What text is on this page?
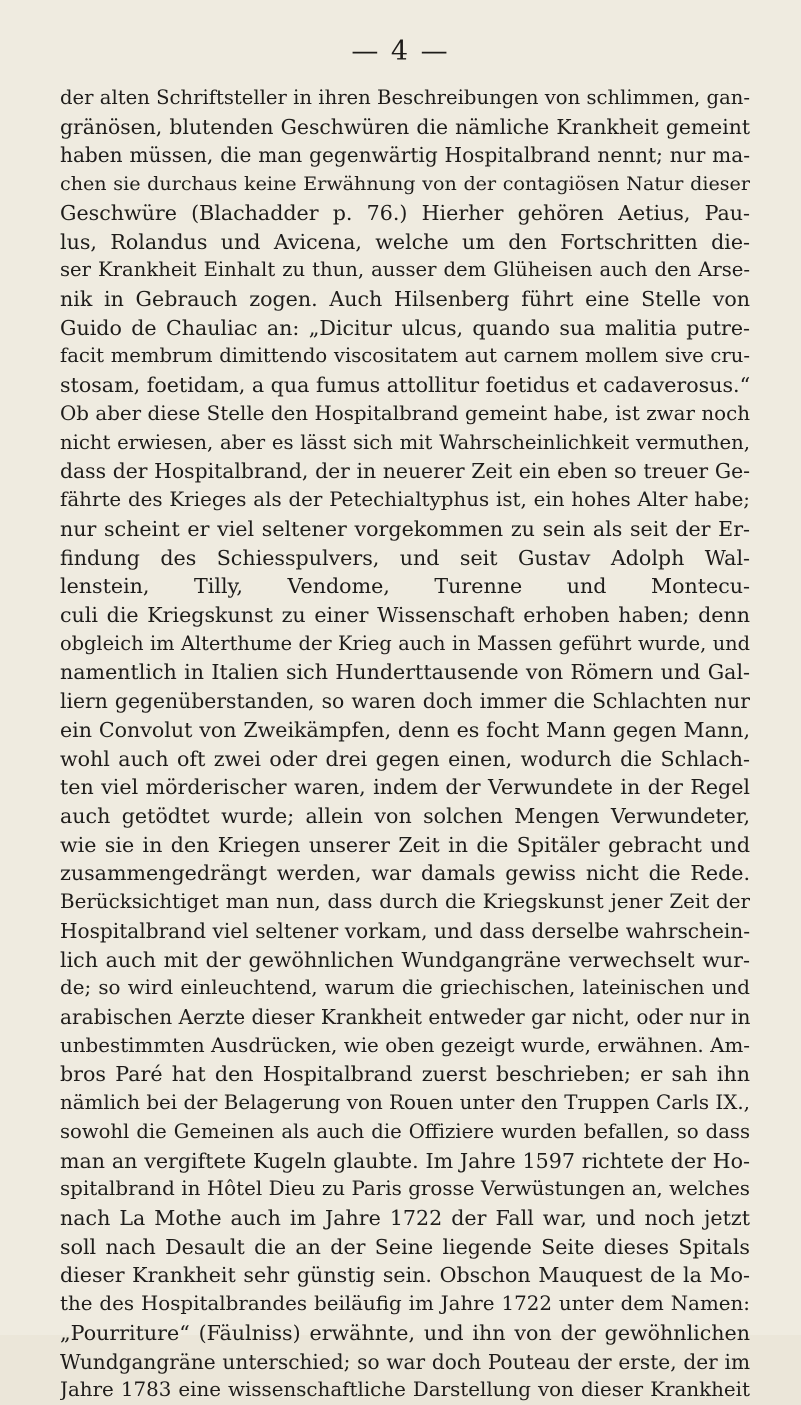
— 4 —
der alten Schriftsteller in ihren Beschreibungen von schlimmen, gan-
gränösen, blutenden Geschwüren die nämliche Krankheit gemeint
haben müssen, die man gegenwärtig Hospitalbrand nennt; nur ma-
chen sie durchaus keine Erwähnung von der contagiösen Natur dieser
Geschwüre (Blachadder p. 76.) Hierher gehören Aetius, Pau-
lus, Rolandus und Avicena, welche um den Fortschritten die-
ser Krankheit Einhalt zu thun, ausser dem Glüheisen auch den Arse-
nik in Gebrauch zogen. Auch Hilsenberg führt eine Stelle von
Guido de Chauliac an: „Dicitur ulcus, quando sua malitia putre-
facit membrum dimittendo viscositatem aut carnem mollem sive cru-
stosam, foetidam, a qua fumus attollitur foetidus et cadaverosus.“
Ob aber diese Stelle den Hospitalbrand gemeint habe, ist zwar noch
nicht erwiesen, aber es lässt sich mit Wahrscheinlichkeit vermuthen,
dass der Hospitalbrand, der in neuerer Zeit ein eben so treuer Ge-
fährte des Krieges als der Petechialtyphus ist, ein hohes Alter habe;
nur scheint er viel seltener vorgekommen zu sein als seit der Er-
findung des Schiesspulvers, und seit Gustav Adolph Wal-
lenstein, Tilly, Vendome, Turenne und Montecu-
culi die Kriegskunst zu einer Wissenschaft erhoben haben; denn
obgleich im Alterthume der Krieg auch in Massen geführt wurde, und
namentlich in Italien sich Hunderttausende von Römern und Gal-
liern gegenüberstanden, so waren doch immer die Schlachten nur
ein Convolut von Zweikämpfen, denn es focht Mann gegen Mann,
wohl auch oft zwei oder drei gegen einen, wodurch die Schlach-
ten viel mörderischer waren, indem der Verwundete in der Regel
auch getödtet wurde; allein von solchen Mengen Verwundeter,
wie sie in den Kriegen unserer Zeit in die Spitäler gebracht und
zusammengedrängt werden, war damals gewiss nicht die Rede.
Berücksichtiget man nun, dass durch die Kriegskunst jener Zeit der
Hospitalbrand viel seltener vorkam, und dass derselbe wahrschein-
lich auch mit der gewöhnlichen Wundgangräne verwechselt wur-
de; so wird einleuchtend, warum die griechischen, lateinischen und
arabischen Aerzte dieser Krankheit entweder gar nicht, oder nur in
unbestimmten Ausdrücken, wie oben gezeigt wurde, erwähnen. Am-
bros Paré hat den Hospitalbrand zuerst beschrieben; er sah ihn
nämlich bei der Belagerung von Rouen unter den Truppen Carls IX.,
sowohl die Gemeinen als auch die Offiziere wurden befallen, so dass
man an vergiftete Kugeln glaubte. Im Jahre 1597 richtete der Ho-
spitalbrand in Hôtel Dieu zu Paris grosse Verwüstungen an, welches
nach La Mothe auch im Jahre 1722 der Fall war, und noch jetzt
soll nach Desault die an der Seine liegende Seite dieses Spitals
dieser Krankheit sehr günstig sein. Obschon Mauquest de la Mo-
the des Hospitalbrandes beiläufig im Jahre 1722 unter dem Namen:
„Pourriture“ (Fäulniss) erwähnte, und ihn von der gewöhnlichen
Wundgangräne unterschied; so war doch Pouteau der erste, der im
Jahre 1783 eine wissenschaftliche Darstellung von dieser Krankheit
